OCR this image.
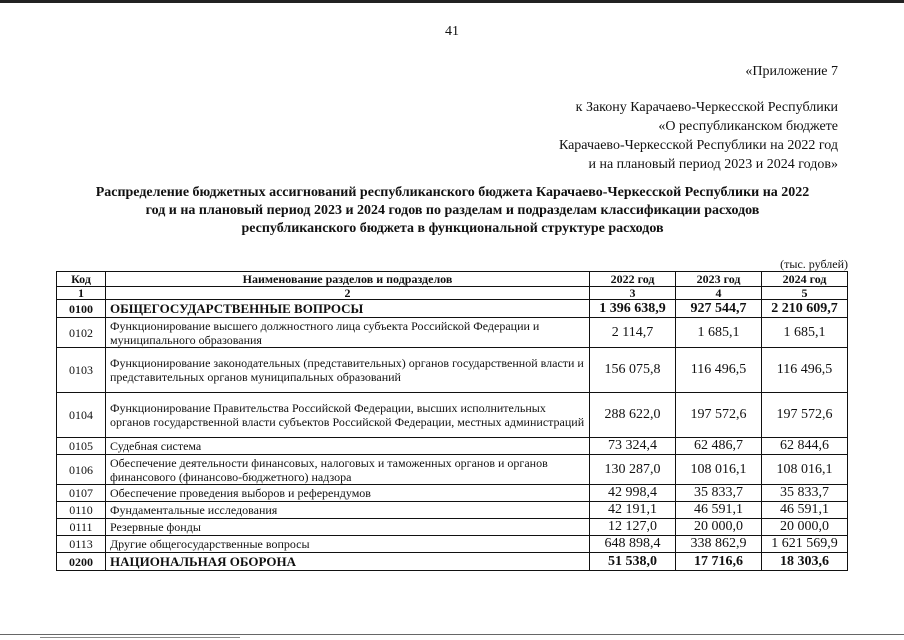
41
«Приложение 7
к Закону Карачаево-Черкесской Республики
«О республиканском бюджете
Карачаево-Черкесской Республики на 2022 год
и на плановый период 2023 и 2024 годов»
Распределение бюджетных ассигнований республиканского бюджета Карачаево-Черкесской Республики на 2022
год и на плановый период 2023 и 2024 годов по разделам и подразделам классификации расходов
республиканского бюджета в функциональной структуре расходов
(тыс. рублей)
Код	Наименование разделов и подразделов	2022 год	2023 год	2024 год
1	2	3	4	5
0100	ОБЩЕГОСУДАРСТВЕННЫЕ ВОПРОСЫ	1 396 638,9	927 544,7	2 210 609,7
0102	Функционирование высшего должностного лица субъекта Российской Федерации и муниципального образования	2 114,7	1 685,1	1 685,1
0103	Функционирование законодательных (представительных) органов государственной власти и представительных органов муниципальных образований	156 075,8	116 496,5	116 496,5
0104	Функционирование Правительства Российской Федерации, высших исполнительных органов государственной власти субъектов Российской Федерации, местных администраций	288 622,0	197 572,6	197 572,6
0105	Судебная система	73 324,4	62 486,7	62 844,6
0106	Обеспечение деятельности финансовых, налоговых и таможенных органов и органов финансового (финансово-бюджетного) надзора	130 287,0	108 016,1	108 016,1
0107	Обеспечение проведения выборов и референдумов	42 998,4	35 833,7	35 833,7
0110	Фундаментальные исследования	42 191,1	46 591,1	46 591,1
0111	Резервные фонды	12 127,0	20 000,0	20 000,0
0113	Другие общегосударственные вопросы	648 898,4	338 862,9	1 621 569,9
0200	НАЦИОНАЛЬНАЯ ОБОРОНА	51 538,0	17 716,6	18 303,6
